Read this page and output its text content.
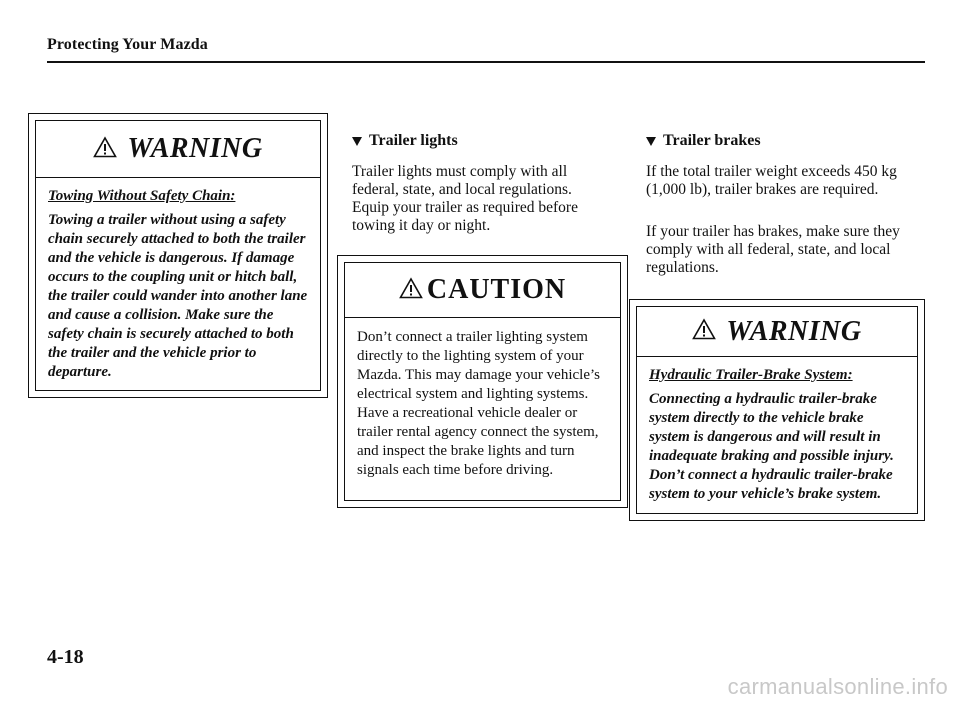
Protecting Your Mazda
WARNING
Towing Without Safety Chain:

Towing a trailer without using a safety chain securely attached to both the trailer and the vehicle is dangerous. If damage occurs to the coupling unit or hitch ball, the trailer could wander into another lane and cause a collision. Make sure the safety chain is securely attached to both the trailer and the vehicle prior to departure.

Trailer lights

Trailer lights must comply with all federal, state, and local regulations. Equip your trailer as required before towing it day or night.

CAUTION

Don’t connect a trailer lighting system directly to the lighting system of your Mazda. This may damage your vehicle’s electrical system and lighting systems. Have a recreational vehicle dealer or trailer rental agency connect the system, and inspect the brake lights and turn signals each time before driving.

Trailer brakes

If the total trailer weight exceeds 450 kg (1,000 lb), trailer brakes are required.

If your trailer has brakes, make sure they comply with all federal, state, and local regulations.

WARNING
Hydraulic Trailer-Brake System:

Connecting a hydraulic trailer-brake system directly to the vehicle brake system is dangerous and will result in inadequate braking and possible injury. Don’t connect a hydraulic trailer-brake system to your vehicle’s brake system.

4-18
carmanualsonline.info
